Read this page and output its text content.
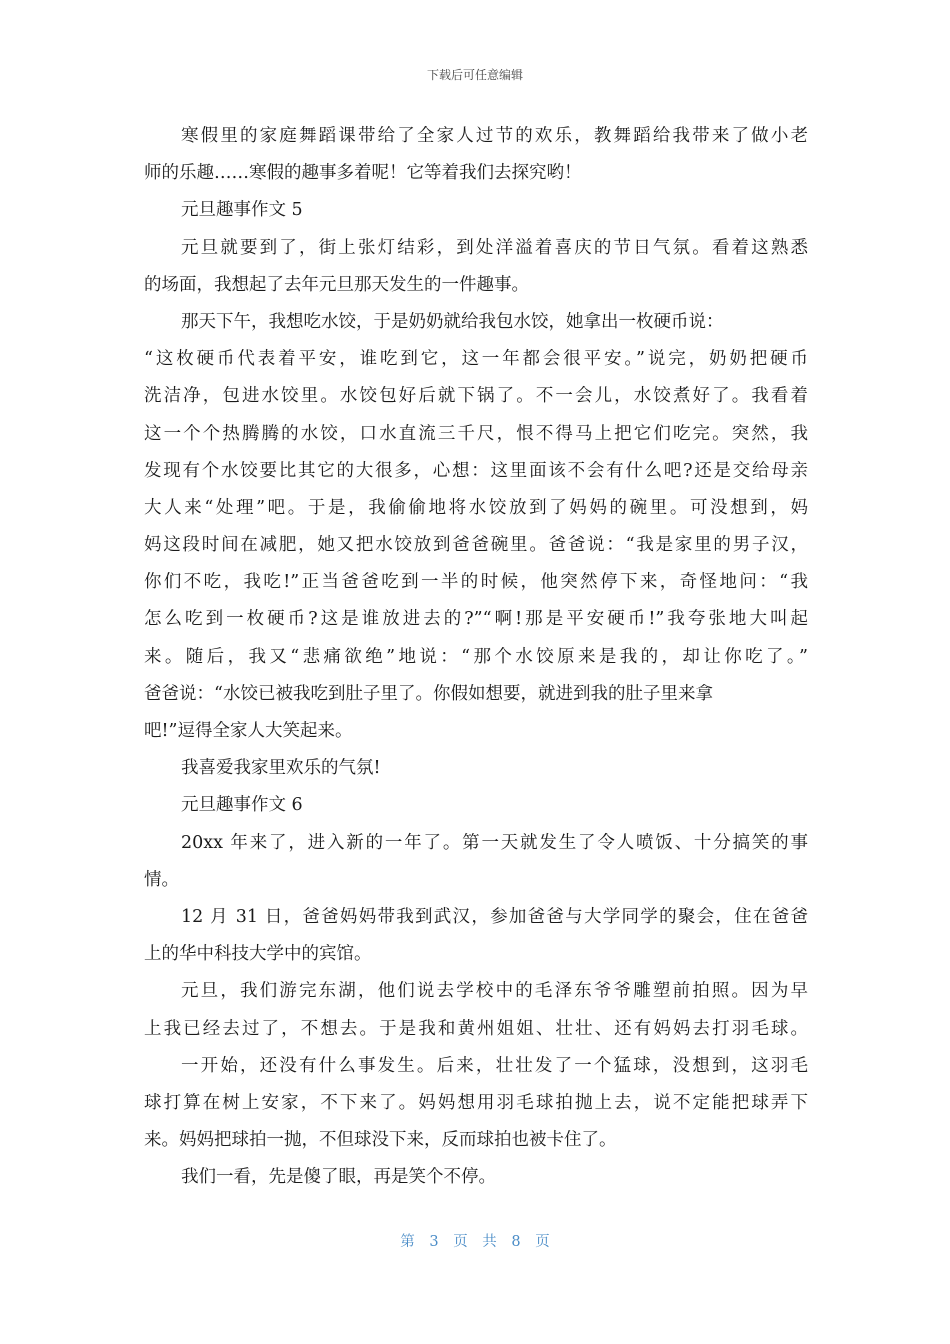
下载后可任意编辑
寒假里的家庭舞蹈课带给了全家人过节的欢乐，教舞蹈给我带来了做小老
师的乐趣……寒假的趣事多着呢！它等着我们去探究哟！
元旦趣事作文 5
元旦就要到了，街上张灯结彩，到处洋溢着喜庆的节日气氛。看着这熟悉
的场面，我想起了去年元旦那天发生的一件趣事。
那天下午，我想吃水饺，于是奶奶就给我包水饺，她拿出一枚硬币说：
“这枚硬币代表着平安，谁吃到它，这一年都会很平安。”说完，奶奶把硬币
洗洁净，包进水饺里。水饺包好后就下锅了。不一会儿，水饺煮好了。我看着
这一个个热腾腾的水饺，口水直流三千尺，恨不得马上把它们吃完。突然，我
发现有个水饺要比其它的大很多，心想：这里面该不会有什么吧?还是交给母亲
大人来“处理”吧。于是，我偷偷地将水饺放到了妈妈的碗里。可没想到，妈
妈这段时间在减肥，她又把水饺放到爸爸碗里。爸爸说：“我是家里的男子汉，
你们不吃，我吃!”正当爸爸吃到一半的时候，他突然停下来，奇怪地问：“我
怎么吃到一枚硬币?这是谁放进去的?”“啊!那是平安硬币!”我夸张地大叫起
来。随后，我又“悲痛欲绝”地说：“那个水饺原来是我的，却让你吃了。”
爸爸说：“水饺已被我吃到肚子里了。你假如想要，就进到我的肚子里来拿
吧!”逗得全家人大笑起来。
我喜爱我家里欢乐的气氛!
元旦趣事作文 6
20xx 年来了，进入新的一年了。第一天就发生了令人喷饭、十分搞笑的事
情。
12 月 31 日，爸爸妈妈带我到武汉，参加爸爸与大学同学的聚会，住在爸爸
上的华中科技大学中的宾馆。
元旦，我们游完东湖，他们说去学校中的毛泽东爷爷雕塑前拍照。因为早
上我已经去过了，不想去。于是我和黄州姐姐、壮壮、还有妈妈去打羽毛球。
一开始，还没有什么事发生。后来，壮壮发了一个猛球，没想到，这羽毛
球打算在树上安家，不下来了。妈妈想用羽毛球拍抛上去，说不定能把球弄下
来。妈妈把球拍一抛，不但球没下来，反而球拍也被卡住了。
我们一看，先是傻了眼，再是笑个不停。
第 3 页 共 8 页
